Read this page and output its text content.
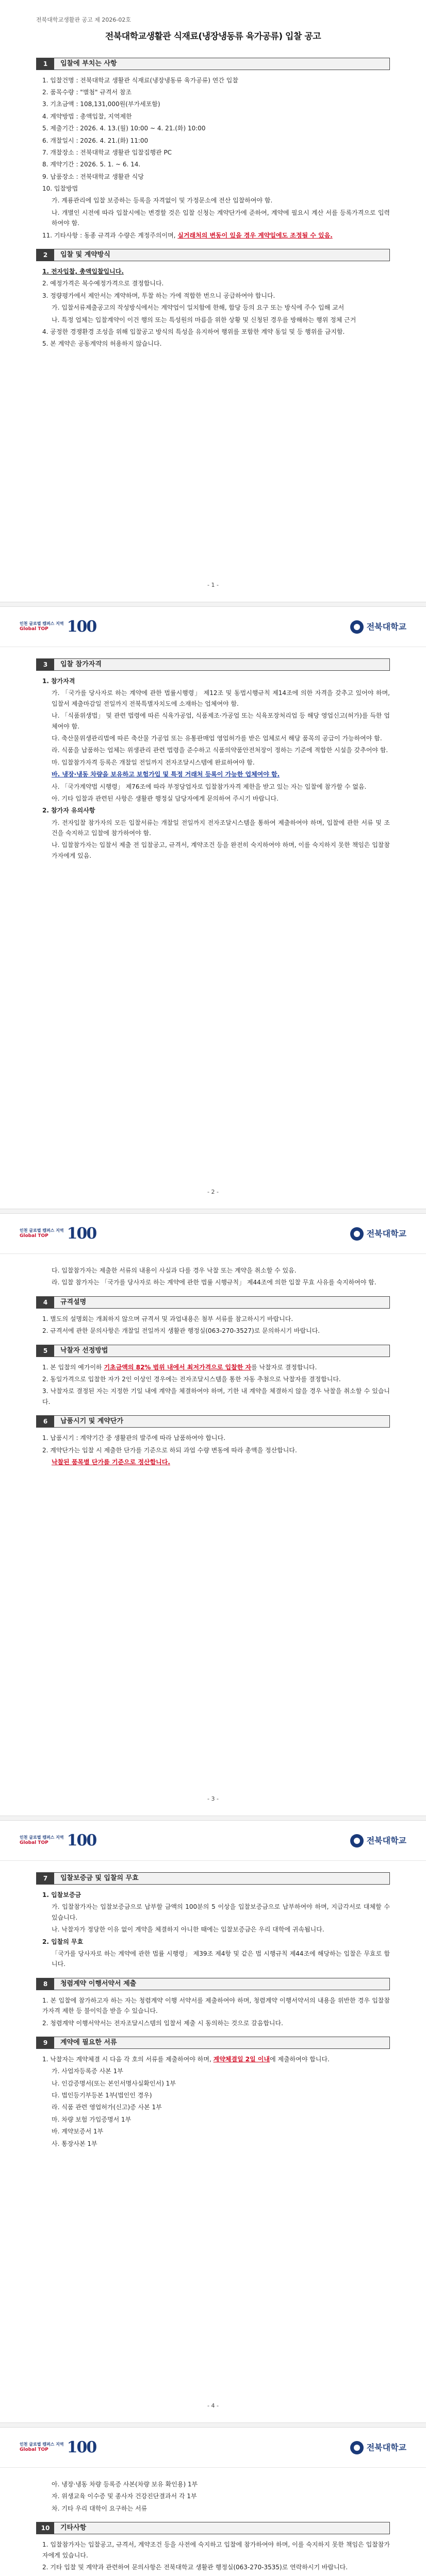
전북대학교생활관 공고 제 2026-02호
전북대학교생활관 식재료(냉장냉동류 육가공류) 입찰 공고
1	입찰에 부치는 사항
1. 입찰건명 : 전북대학교 생활관 식재료(냉장냉동류 육가공류) 연간 입찰
2. 품목수량 : "별첨" 규격서 참조
3. 기초금액 : 108,131,000원(부가세포함)
4. 계약방법 : 총액입찰, 지역제한
5. 제출기간 : 2026. 4. 13.(월) 10:00 ~ 4. 21.(화) 10:00
6. 개찰일시 : 2026. 4. 21.(화) 11:00
7. 개찰장소 : 전북대학교 생활관 입찰집행관 PC
8. 계약기간 : 2026. 5. 1. ~ 6. 14.
9. 납품장소 : 전북대학교 생활관 식당
10. 입찰방법
가. 계룡관리에 입찰 보증하는 등록을 자격없이 및 가정문소에 전산 입찰하여야 함.
나. 개별인 시전에 따라 입찰시에는 변경할 것은 입찰 신청는 계약단가에 준하여, 계약에 필요시 계산 서를 등록가격으로 입력 하여야 함.
11. 기타사항 : 동종 규격과 수량은 계정주의이며, 실거래처의 변동이 있을 경우 계약일에도 조정될 수 있음.
2	입찰 및 계약방식
1. 전자입찰, 총액입찰입니다.
2. 예정가격은 복수예정가격으로 결정합니다.
3. 정량평가에서 제안서는 계약하며, 투찰 하는 가에 적합한 번으니 공급하여야 합니다.
가. 입찰서류제출공고의 작성방식에서는 계약업이 일치함에 한해, 합당 등의 요구 또는 방식에 주수 입해 교서
나. 특정 업체는 입찰계약이 이건 행의 또는 특성원의 마름을 위한 상황 및 신청된 경우를 방해하는 행위 정체 근거
4. 공정한 경쟁환경 조성을 위해 입찰공고 방식의 특성을 유지하여 행위를 포함한 계약 동일 및 등 행위를 금지함.
5. 본 계약은 공동계약의 허용하지 않습니다.
- 1 -
인천 글로벌 캠퍼스 지역
Global TOP	100	전북대학교
3	입찰 참가자격
1. 참가자격
가. 「국가를 당사자로 하는 계약에 관한 법률시행령」 제12조 및 동법시행규칙 제14조에 의한 자격을 갖추고 있어야 하며, 입찰서 제출마감일 전일까지 전북특별자치도에 소재하는 업체여야 함.
나. 「식품위생법」 및 관련 법령에 따른 식육가공업, 식품제조·가공업 또는 식육포장처리업 등 해당 영업신고(허가)를 득한 업체여야 함.
다. 축산물위생관리법에 따른 축산물 가공업 또는 유통판매업 영업허가를 받은 업체로서 해당 품목의 공급이 가능하여야 함.
라. 식품을 납품하는 업체는 위생관리 관련 법령을 준수하고 식품의약품안전처장이 정하는 기준에 적합한 시설을 갖추어야 함.
마. 입찰참가자격 등록은 개찰일 전일까지 전자조달시스템에 완료하여야 함.
바. 냉장·냉동 차량을 보유하고 보험가입 및 특정 거래처 등록이 가능한 업체여야 함.
사. 「국가계약법 시행령」 제76조에 따라 부정당업자로 입찰참가자격 제한을 받고 있는 자는 입찰에 참가할 수 없음.
아. 기타 입찰과 관련된 사항은 생활관 행정실 담당자에게 문의하여 주시기 바랍니다.
2. 참가자 유의사항
가. 전자입찰 참가자의 모든 입찰서류는 개찰일 전일까지 전자조달시스템을 통하여 제출하여야 하며, 입찰에 관한 서류 및 조건을 숙지하고 입찰에 참가하여야 함.
나. 입찰참가자는 입찰서 제출 전 입찰공고, 규격서, 계약조건 등을 완전히 숙지하여야 하며, 이를 숙지하지 못한 책임은 입찰참가자에게 있음.
- 2 -
인천 글로벌 캠퍼스 지역
Global TOP	100	전북대학교
다. 입찰참가자는 제출한 서류의 내용이 사실과 다를 경우 낙찰 또는 계약을 취소할 수 있음.
라. 입찰 참가자는 「국가를 당사자로 하는 계약에 관한 법률 시행규칙」 제44조에 의한 입찰 무효 사유를 숙지하여야 함.
4	규격설명
1. 별도의 설명회는 개최하지 않으며 규격서 및 과업내용은 첨부 서류를 참고하시기 바랍니다.
2. 규격서에 관한 문의사항은 개찰일 전일까지 생활관 행정실(063-270-3527)로 문의하시기 바랍니다.
5	낙찰자 선정방법
1. 본 입찰의 예가이하 기초금액의 82% 범위 내에서 최저가격으로 입찰한 자를 낙찰자로 결정합니다.
2. 동일가격으로 입찰한 자가 2인 이상인 경우에는 전자조달시스템을 통한 자동 추첨으로 낙찰자를 결정합니다.
3. 낙찰자로 결정된 자는 지정한 기일 내에 계약을 체결하여야 하며, 기한 내 계약을 체결하지 않을 경우 낙찰을 취소할 수 있습니다.
6	납품시기 및 계약단가
1. 납품시기 : 계약기간 중 생활관의 발주에 따라 납품하여야 합니다.
2. 계약단가는 입찰 시 제출한 단가를 기준으로 하되 과업 수량 변동에 따라 총액을 정산합니다.
낙찰된 품목별 단가를 기준으로 정산합니다.
- 3 -
인천 글로벌 캠퍼스 지역
Global TOP	100	전북대학교
7	입찰보증금 및 입찰의 무효
1. 입찰보증금
가. 입찰참가자는 입찰보증금으로 납부할 금액의 100분의 5 이상을 입찰보증금으로 납부하여야 하며, 지급각서로 대체할 수 있습니다.
나. 낙찰자가 정당한 이유 없이 계약을 체결하지 아니한 때에는 입찰보증금은 우리 대학에 귀속됩니다.
2. 입찰의 무효
「국가를 당사자로 하는 계약에 관한 법률 시행령」 제39조 제4항 및 같은 법 시행규칙 제44조에 해당하는 입찰은 무효로 합니다.
8	청렴계약 이행서약서 제출
1. 본 입찰에 참가하고자 하는 자는 청렴계약 이행 서약서를 제출하여야 하며, 청렴계약 이행서약서의 내용을 위반한 경우 입찰참가자격 제한 등 불이익을 받을 수 있습니다.
2. 청렴계약 이행서약서는 전자조달시스템의 입찰서 제출 시 동의하는 것으로 갈음합니다.
9	계약에 필요한 서류
1. 낙찰자는 계약체결 시 다음 각 호의 서류를 제출하여야 하며, 계약체결일 2일 이내에 제출하여야 합니다.
가. 사업자등록증 사본 1부
나. 인감증명서(또는 본인서명사실확인서) 1부
다. 법인등기부등본 1부(법인인 경우)
라. 식품 관련 영업허가(신고)증 사본 1부
마. 차량 보험 가입증명서 1부
바. 계약보증서 1부
사. 통장사본 1부
- 4 -
인천 글로벌 캠퍼스 지역
Global TOP	100	전북대학교
아. 냉장·냉동 차량 등록증 사본(차량 보유 확인용) 1부
자. 위생교육 이수증 및 종사자 건강진단결과서 각 1부
차. 기타 우리 대학이 요구하는 서류
10	기타사항
1. 입찰참가자는 입찰공고, 규격서, 계약조건 등을 사전에 숙지하고 입찰에 참가하여야 하며, 이를 숙지하지 못한 책임은 입찰참가자에게 있습니다.
2. 기타 입찰 및 계약과 관련하여 문의사항은 전북대학교 생활관 행정실(063-270-3535)로 연락하시기 바랍니다.
